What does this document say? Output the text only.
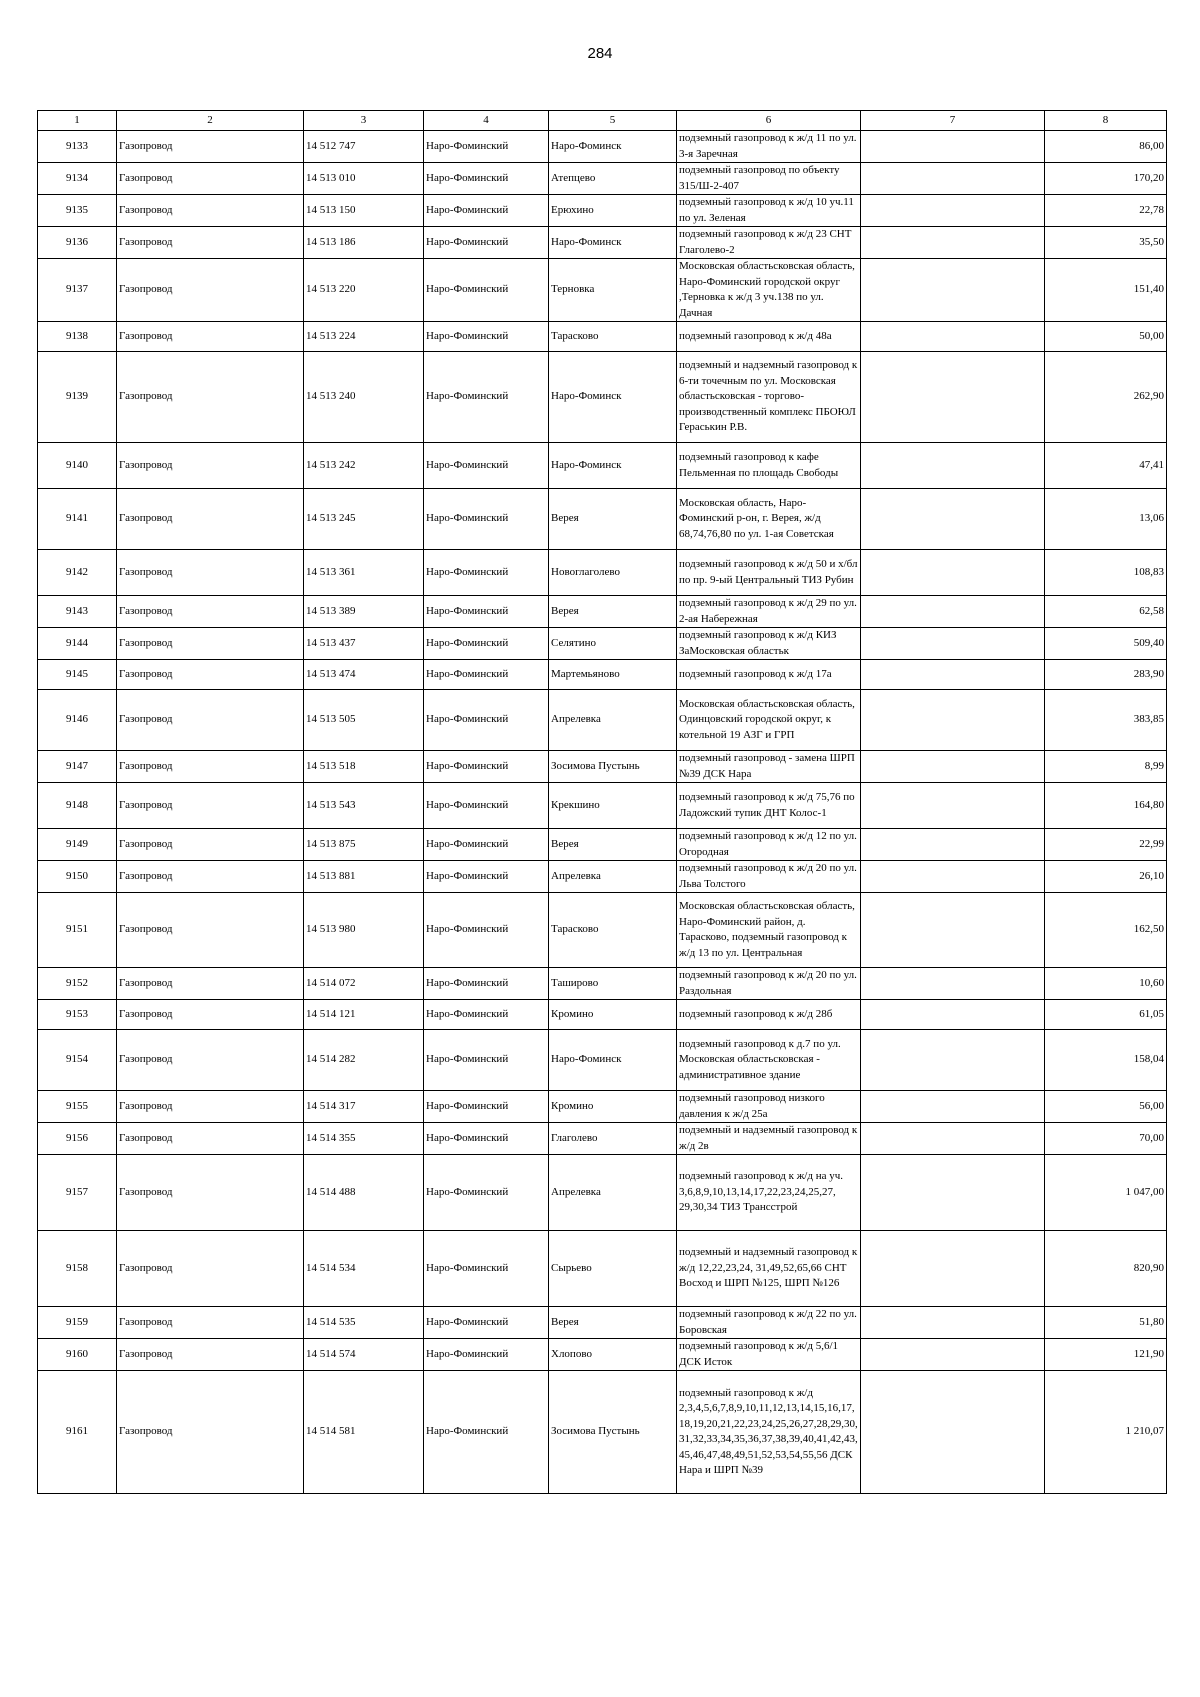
284
1	2	3	4	5	6	7	8
9133	Газопровод	14 512 747	Наро-Фоминский	Наро-Фоминск	подземный газопровод к ж/д 11 по ул. 3-я Заречная		86,00
9134	Газопровод	14 513 010	Наро-Фоминский	Атепцево	подземный газопровод по объекту 315/Ш-2-407		170,20
9135	Газопровод	14 513 150	Наро-Фоминский	Ерюхино	подземный газопровод к ж/д 10 уч.11 по ул. Зеленая		22,78
9136	Газопровод	14 513 186	Наро-Фоминский	Наро-Фоминск	подземный газопровод к ж/д 23 СНТ Глаголево-2		35,50
9137	Газопровод	14 513 220	Наро-Фоминский	Терновка	Московская областьсковская область, Наро-Фоминский городской округ ,Терновка к ж/д 3 уч.138 по ул. Дачная		151,40
9138	Газопровод	14 513 224	Наро-Фоминский	Тарасково	подземный газопровод к ж/д 48а		50,00
9139	Газопровод	14 513 240	Наро-Фоминский	Наро-Фоминск	подземный и надземный газопровод к 6-ти точечным по ул. Московская областьсковская - торгово-производственный комплекс ПБОЮЛ Гераськин Р.В.		262,90
9140	Газопровод	14 513 242	Наро-Фоминский	Наро-Фоминск	подземный газопровод к кафе Пельменная по площадь Свободы		47,41
9141	Газопровод	14 513 245	Наро-Фоминский	Верея	Московская область, Наро-Фоминский р-он, г. Верея, ж/д 68,74,76,80 по ул. 1-ая Советская		13,06
9142	Газопровод	14 513 361	Наро-Фоминский	Новоглаголево	подземный газопровод к ж/д 50 и х/бл по пр. 9-ый Центральный ТИЗ Рубин		108,83
9143	Газопровод	14 513 389	Наро-Фоминский	Верея	подземный газопровод к ж/д 29 по ул. 2-ая Набережная		62,58
9144	Газопровод	14 513 437	Наро-Фоминский	Селятино	подземный газопровод к ж/д КИЗ ЗаМосковская областьк		509,40
9145	Газопровод	14 513 474	Наро-Фоминский	Мартемьяново	подземный газопровод к ж/д 17а		283,90
9146	Газопровод	14 513 505	Наро-Фоминский	Апрелевка	Московская областьсковская область, Одинцовский городской округ, к котельной 19 АЗГ и ГРП		383,85
9147	Газопровод	14 513 518	Наро-Фоминский	Зосимова Пустынь	подземный газопровод - замена ШРП №39 ДСК Нара		8,99
9148	Газопровод	14 513 543	Наро-Фоминский	Крекшино	подземный газопровод к ж/д 75,76 по Ладожский тупик ДНТ Колос-1		164,80
9149	Газопровод	14 513 875	Наро-Фоминский	Верея	подземный газопровод к ж/д 12 по ул. Огородная		22,99
9150	Газопровод	14 513 881	Наро-Фоминский	Апрелевка	подземный газопровод к ж/д 20 по ул. Льва Толстого		26,10
9151	Газопровод	14 513 980	Наро-Фоминский	Тарасково	Московская областьсковская область, Наро-Фоминский район, д. Тарасково, подземный газопровод к ж/д 13 по ул. Центральная		162,50
9152	Газопровод	14 514 072	Наро-Фоминский	Таширово	подземный газопровод к ж/д 20 по ул. Раздольная		10,60
9153	Газопровод	14 514 121	Наро-Фоминский	Кромино	подземный газопровод к ж/д 28б		61,05
9154	Газопровод	14 514 282	Наро-Фоминский	Наро-Фоминск	подземный газопровод к д.7 по ул. Московская областьсковская - административное здание		158,04
9155	Газопровод	14 514 317	Наро-Фоминский	Кромино	подземный газопровод низкого давления к ж/д 25а		56,00
9156	Газопровод	14 514 355	Наро-Фоминский	Глаголево	подземный и надземный газопровод к ж/д 2в		70,00
9157	Газопровод	14 514 488	Наро-Фоминский	Апрелевка	подземный газопровод к ж/д на уч. 3,6,8,9,10,13,14,17,22,23,24,25,27, 29,30,34 ТИЗ Трансстрой		1 047,00
9158	Газопровод	14 514 534	Наро-Фоминский	Сырьево	подземный и надземный газопровод к ж/д 12,22,23,24, 31,49,52,65,66 СНТ Восход и ШРП №125, ШРП №126		820,90
9159	Газопровод	14 514 535	Наро-Фоминский	Верея	подземный газопровод к ж/д 22 по ул. Боровская		51,80
9160	Газопровод	14 514 574	Наро-Фоминский	Хлопово	подземный газопровод к ж/д 5,6/1 ДСК Исток		121,90
9161	Газопровод	14 514 581	Наро-Фоминский	Зосимова Пустынь	подземный газопровод к ж/д 2,3,4,5,6,7,8,9,10,11,12,13,14,15,16,17,18,19,20,21,22,23,24,25,26,27,28,29,30,31,32,33,34,35,36,37,38,39,40,41,42,43,45,46,47,48,49,51,52,53,54,55,56 ДСК Нара и ШРП №39		1 210,07
